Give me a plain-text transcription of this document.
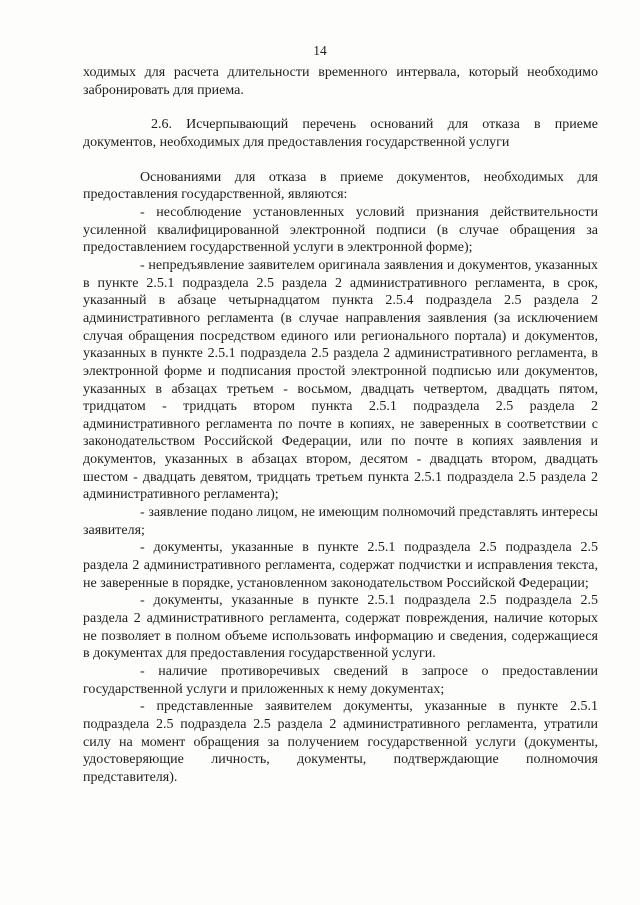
14

ходимых для расчета длительности временного интервала, который необходимо забронировать для приема.

2.6. Исчерпывающий перечень оснований для отказа в приеме документов, необходимых для предоставления государственной услуги

Основаниями для отказа в приеме документов, необходимых для предоставления государственной, являются:

- несоблюдение установленных условий признания действительности усиленной квалифицированной электронной подписи (в случае обращения за предоставлением государственной услуги в электронной форме);

- непредъявление заявителем оригинала заявления и документов, указанных в пункте 2.5.1 подраздела 2.5 раздела 2 административного регламента, в срок, указанный в абзаце четырнадцатом пункта 2.5.4 подраздела 2.5 раздела 2 административного регламента (в случае направления заявления (за исключением случая обращения посредством единого или регионального портала) и документов, указанных в пункте 2.5.1 подраздела 2.5 раздела 2 административного регламента, в электронной форме и подписания простой электронной подписью или документов, указанных в абзацах третьем - восьмом, двадцать четвертом, двадцать пятом, тридцатом - тридцать втором пункта 2.5.1 подраздела 2.5 раздела 2 административного регламента по почте в копиях, не заверенных в соответствии с законодательством Российской Федерации, или по почте в копиях заявления и документов, указанных в абзацах втором, десятом - двадцать втором, двадцать шестом - двадцать девятом, тридцать третьем пункта 2.5.1 подраздела 2.5 раздела 2 административного регламента);

- заявление подано лицом, не имеющим полномочий представлять интересы заявителя;

- документы, указанные в пункте 2.5.1 подраздела 2.5 подраздела 2.5 раздела 2 административного регламента, содержат подчистки и исправления текста, не заверенные в порядке, установленном законодательством Российской Федерации;

- документы, указанные в пункте 2.5.1 подраздела 2.5 подраздела 2.5 раздела 2 административного регламента, содержат повреждения, наличие которых не позволяет в полном объеме использовать информацию и сведения, содержащиеся в документах для предоставления государственной услуги.

- наличие противоречивых сведений в запросе о предоставлении государственной услуги и приложенных к нему документах;

- представленные заявителем документы, указанные в пункте 2.5.1 подраздела 2.5 подраздела 2.5 раздела 2 административного регламента, утратили силу на момент обращения за получением государственной услуги (документы, удостоверяющие личность, документы, подтверждающие полномочия представителя).
